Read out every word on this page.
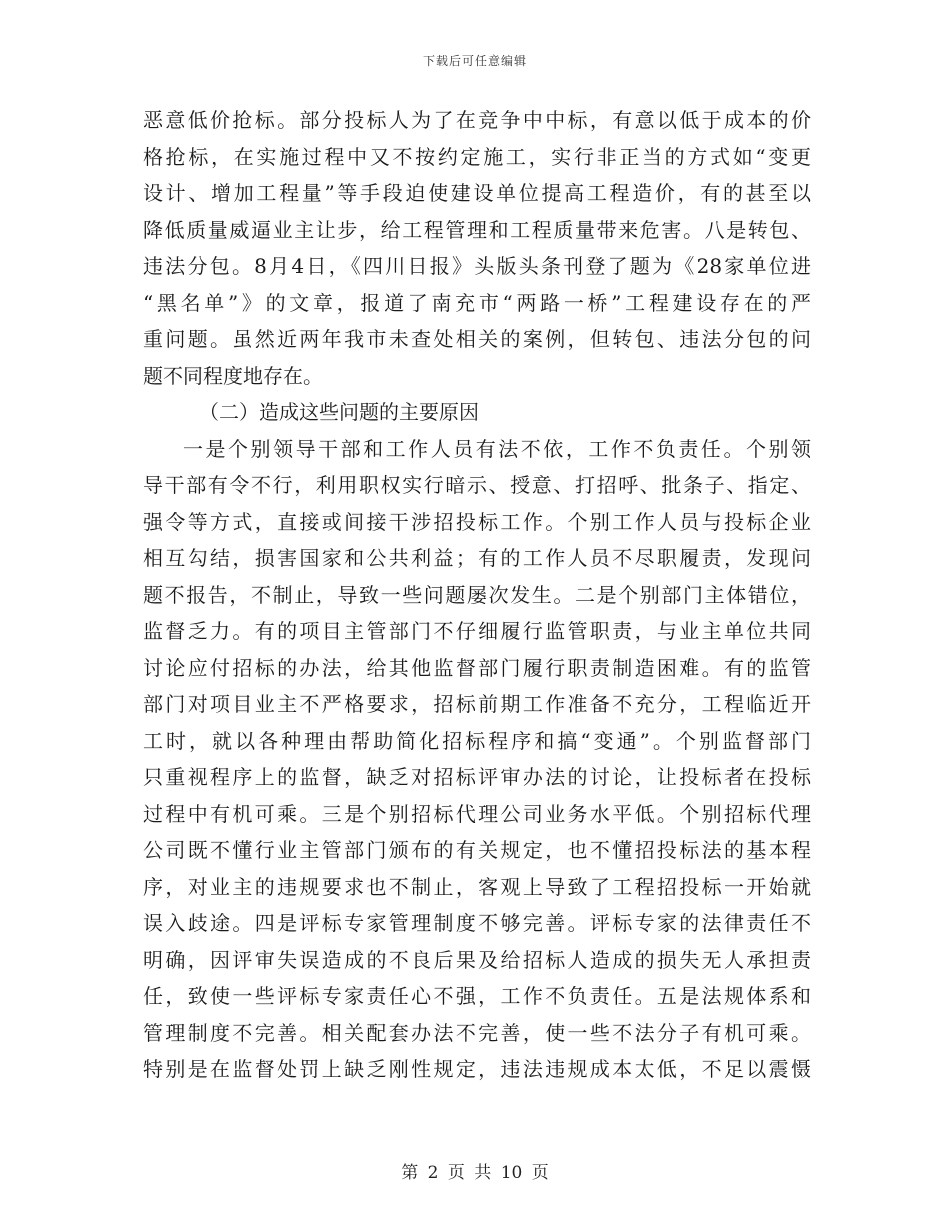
下载后可任意编辑
恶意低价抢标。部分投标人为了在竞争中中标，有意以低于成本的价
格抢标，在实施过程中又不按约定施工，实行非正当的方式如“变更
设计、增加工程量”等手段迫使建设单位提高工程造价，有的甚至以
降低质量威逼业主让步，给工程管理和工程质量带来危害。八是转包、
违法分包。8月4日，《四川日报》头版头条刊登了题为《28家单位进
“黑名单”》的文章，报道了南充市“两路一桥”工程建设存在的严
重问题。虽然近两年我市未查处相关的案例，但转包、违法分包的问
题不同程度地存在。
（二）造成这些问题的主要原因
一是个别领导干部和工作人员有法不依，工作不负责任。个别领
导干部有令不行，利用职权实行暗示、授意、打招呼、批条子、指定、
强令等方式，直接或间接干涉招投标工作。个别工作人员与投标企业
相互勾结，损害国家和公共利益；有的工作人员不尽职履责，发现问
题不报告，不制止，导致一些问题屡次发生。二是个别部门主体错位，
监督乏力。有的项目主管部门不仔细履行监管职责，与业主单位共同
讨论应付招标的办法，给其他监督部门履行职责制造困难。有的监管
部门对项目业主不严格要求，招标前期工作准备不充分，工程临近开
工时，就以各种理由帮助简化招标程序和搞“变通”。个别监督部门
只重视程序上的监督，缺乏对招标评审办法的讨论，让投标者在投标
过程中有机可乘。三是个别招标代理公司业务水平低。个别招标代理
公司既不懂行业主管部门颁布的有关规定，也不懂招投标法的基本程
序，对业主的违规要求也不制止，客观上导致了工程招投标一开始就
误入歧途。四是评标专家管理制度不够完善。评标专家的法律责任不
明确，因评审失误造成的不良后果及给招标人造成的损失无人承担责
任，致使一些评标专家责任心不强，工作不负责任。五是法规体系和
管理制度不完善。相关配套办法不完善，使一些不法分子有机可乘。
特别是在监督处罚上缺乏刚性规定，违法违规成本太低，不足以震慑
第 2 页 共 10 页
